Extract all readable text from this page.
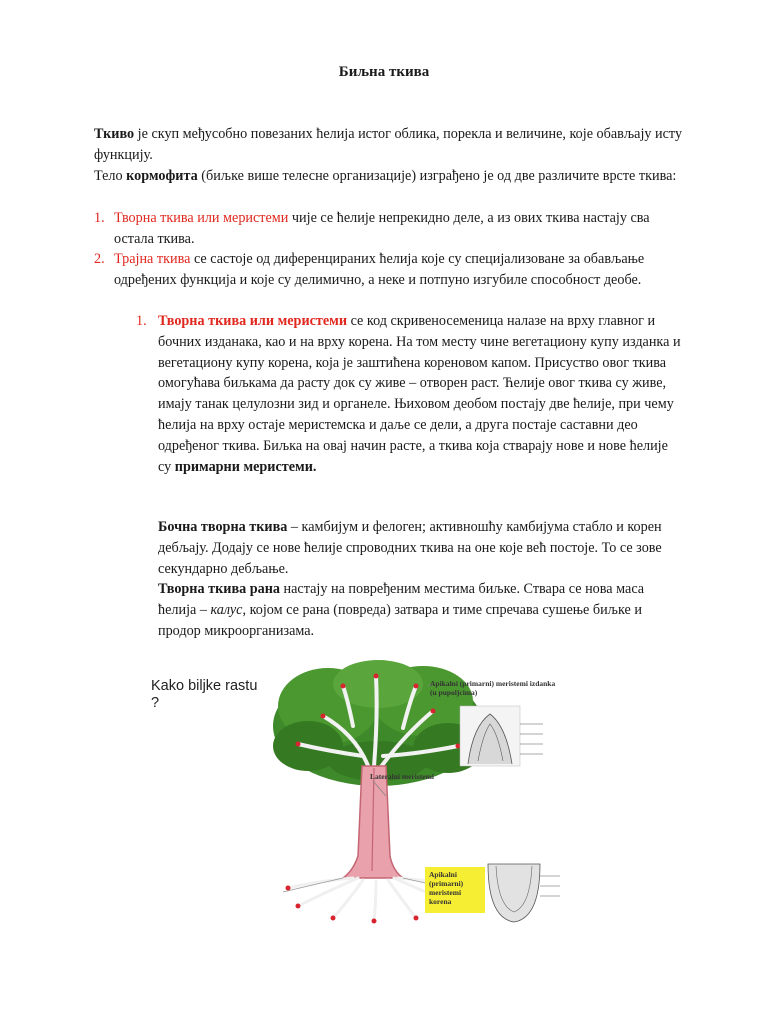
Биљна ткива
Ткиво је скуп међусобно повезаних ћелија истог облика, порекла и величине, које обављају исту функцију.
Тело кормофита (биљке више телесне организације) изграђено је од две различите врсте ткива:
1. Творна ткива или меристеми чије се ћелије непрекидно деле, а из ових ткива настају сва остала ткива.
2. Трајна ткива се састоје од диференцираних ћелија које су специјализоване за обављање одређених функција и које су делимично, а неке и потпуно изгубиле способност деобе.
1. Творна ткива или меристеми се код скривеносеменица налазе на врху главног и бочних изданака, као и на врху корена. На том месту чине вегетациону купу изданка и вегетациону купу корена, која је заштићена кореновом капом. Присуство овог ткива омогућава биљкама да расту док су живе – отворен раст. Ћелије овог ткива су живе, имају танак целулозни зид и органеле. Њиховом деобом постају две ћелије, при чему ћелија на врху остаје меристемска и даље се дели, а друга постаје саставни део одређеног ткива. Биљка на овај начин расте, а ткива која стварају нове и нове ћелије су примарни меристеми.
Бочна творна ткива – камбијум и фелоген; активношћу камбијума стабло и корен дебљају. Додају се нове ћелије спроводних ткива на оне које већ постоје. То се зове секундарно дебљање.
Творна ткива рана настају на повређеним местима биљке. Ствара се нова маса ћелија – калус, којом се рана (повреда) затвара и тиме спречава сушење биљке и продор микроорганизама.
Kako biljke rastu ?
Apikalni (primarni) meristemi izdanka (u pupoljcima)
Lateralni meristemi
Apikalni (primarni) meristemi korena
